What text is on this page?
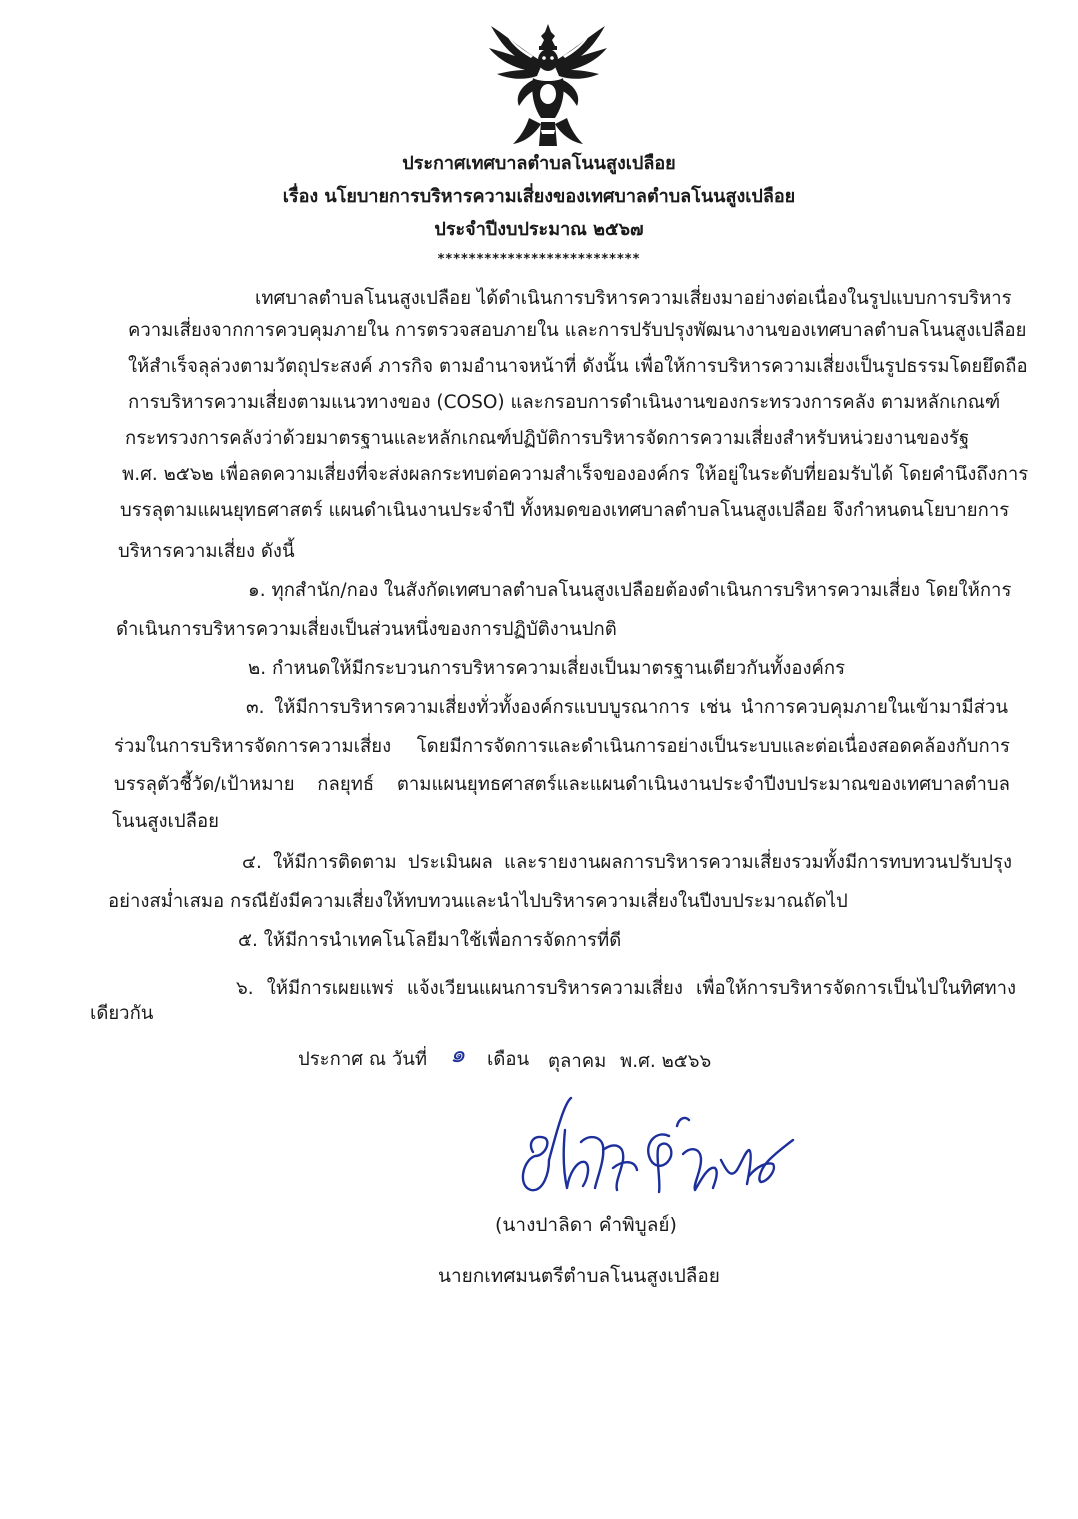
ประกาศเทศบาลตำบลโนนสูงเปลือย
เรื่อง นโยบายการบริหารความเสี่ยงของเทศบาลตำบลโนนสูงเปลือย
ประจำปีงบประมาณ ๒๕๖๗
**************************
เทศบาลตำบลโนนสูงเปลือย ได้ดำเนินการบริหารความเสี่ยงมาอย่างต่อเนื่องในรูปแบบการบริหาร
ความเสี่ยงจากการควบคุมภายใน การตรวจสอบภายใน และการปรับปรุงพัฒนางานของเทศบาลตำบลโนนสูงเปลือย
ให้สำเร็จลุล่วงตามวัตถุประสงค์ ภารกิจ ตามอำนาจหน้าที่ ดังนั้น เพื่อให้การบริหารความเสี่ยงเป็นรูปธรรมโดยยึดถือ
การบริหารความเสี่ยงตามแนวทางของ (COSO) และกรอบการดำเนินงานของกระทรวงการคลัง ตามหลักเกณฑ์
กระทรวงการคลังว่าด้วยมาตรฐานและหลักเกณฑ์ปฏิบัติการบริหารจัดการความเสี่ยงสำหรับหน่วยงานของรัฐ
พ.ศ. ๒๕๖๒ เพื่อลดความเสี่ยงที่จะส่งผลกระทบต่อความสำเร็จขององค์กร ให้อยู่ในระดับที่ยอมรับได้ โดยคำนึงถึงการ
บรรลุตามแผนยุทธศาสตร์ แผนดำเนินงานประจำปี ทั้งหมดของเทศบาลตำบลโนนสูงเปลือย จึงกำหนดนโยบายการ
บริหารความเสี่ยง ดังนี้
๑. ทุกสำนัก/กอง ในสังกัดเทศบาลตำบลโนนสูงเปลือยต้องดำเนินการบริหารความเสี่ยง โดยให้การ
ดำเนินการบริหารความเสี่ยงเป็นส่วนหนึ่งของการปฏิบัติงานปกติ
๒. กำหนดให้มีกระบวนการบริหารความเสี่ยงเป็นมาตรฐานเดียวกันทั้งองค์กร
๓. ให้มีการบริหารความเสี่ยงทั่วทั้งองค์กรแบบบูรณาการ เช่น นำการควบคุมภายในเข้ามามีส่วน
ร่วมในการบริหารจัดการความเสี่ยง โดยมีการจัดการและดำเนินการอย่างเป็นระบบและต่อเนื่องสอดคล้องกับการ
บรรลุตัวชี้วัด/เป้าหมาย กลยุทธ์ ตามแผนยุทธศาสตร์และแผนดำเนินงานประจำปีงบประมาณของเทศบาลตำบล
โนนสูงเปลือย
๔. ให้มีการติดตาม ประเมินผล และรายงานผลการบริหารความเสี่ยงรวมทั้งมีการทบทวนปรับปรุง
อย่างสม่ำเสมอ กรณียังมีความเสี่ยงให้ทบทวนและนำไปบริหารความเสี่ยงในปีงบประมาณถัดไป
๕. ให้มีการนำเทคโนโลยีมาใช้เพื่อการจัดการที่ดี
๖. ให้มีการเผยแพร่ แจ้งเวียนแผนการบริหารความเสี่ยง เพื่อให้การบริหารจัดการเป็นไปในทิศทาง
เดียวกัน
ประกาศ ณ วันที่ ๑ เดือน ตุลาคม พ.ศ. ๒๕๖๖
(นางปาลิดา คำพิบูลย์)
นายกเทศมนตรีตำบลโนนสูงเปลือย
